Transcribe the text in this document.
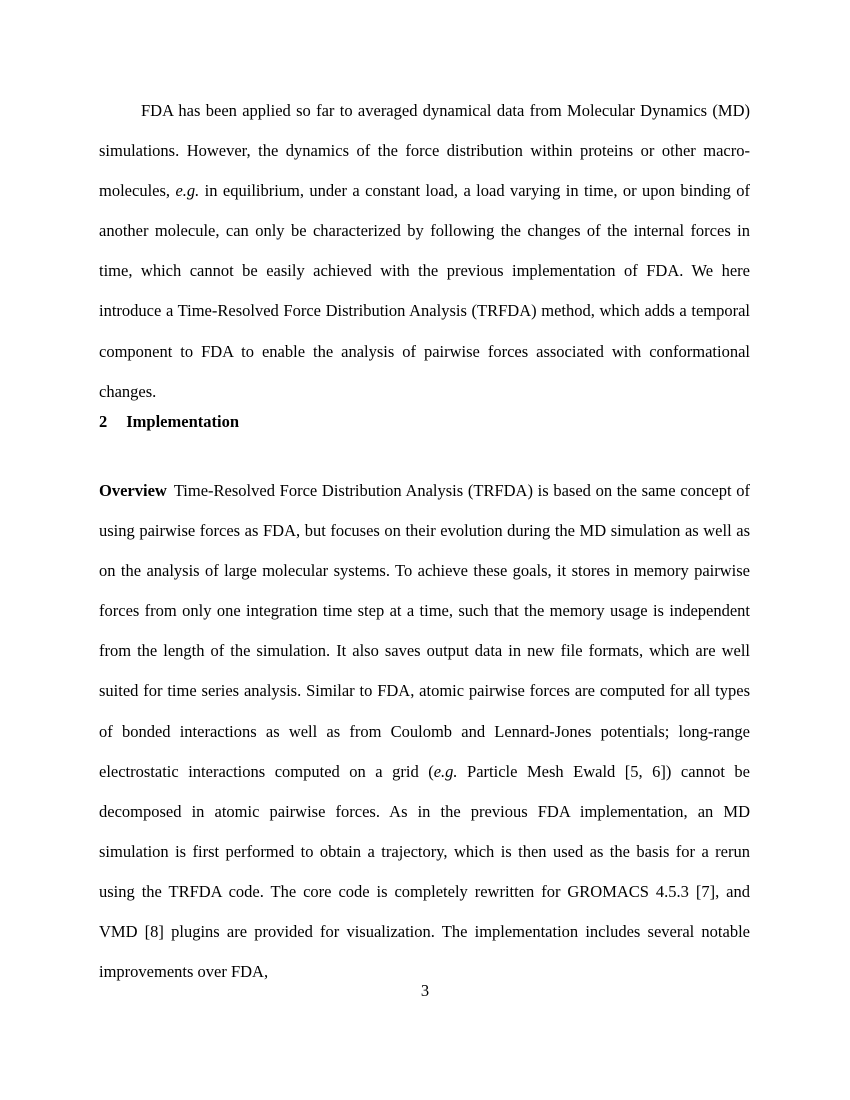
FDA has been applied so far to averaged dynamical data from Molecular Dynamics (MD) simulations. However, the dynamics of the force distribution within proteins or other macro-molecules, e.g. in equilibrium, under a constant load, a load varying in time, or upon binding of another molecule, can only be characterized by following the changes of the internal forces in time, which cannot be easily achieved with the previous implementation of FDA. We here introduce a Time-Resolved Force Distribution Analysis (TRFDA) method, which adds a temporal component to FDA to enable the analysis of pairwise forces associated with conformational changes.

2 Implementation

Overview Time-Resolved Force Distribution Analysis (TRFDA) is based on the same concept of using pairwise forces as FDA, but focuses on their evolution during the MD simulation as well as on the analysis of large molecular systems. To achieve these goals, it stores in memory pairwise forces from only one integration time step at a time, such that the memory usage is independent from the length of the simulation. It also saves output data in new file formats, which are well suited for time series analysis. Similar to FDA, atomic pairwise forces are computed for all types of bonded interactions as well as from Coulomb and Lennard-Jones potentials; long-range electrostatic interactions computed on a grid (e.g. Particle Mesh Ewald [5, 6]) cannot be decomposed in atomic pairwise forces. As in the previous FDA implementation, an MD simulation is first performed to obtain a trajectory, which is then used as the basis for a rerun using the TRFDA code. The core code is completely rewritten for GROMACS 4.5.3 [7], and VMD [8] plugins are provided for visualization. The implementation includes several notable improvements over FDA,

3
